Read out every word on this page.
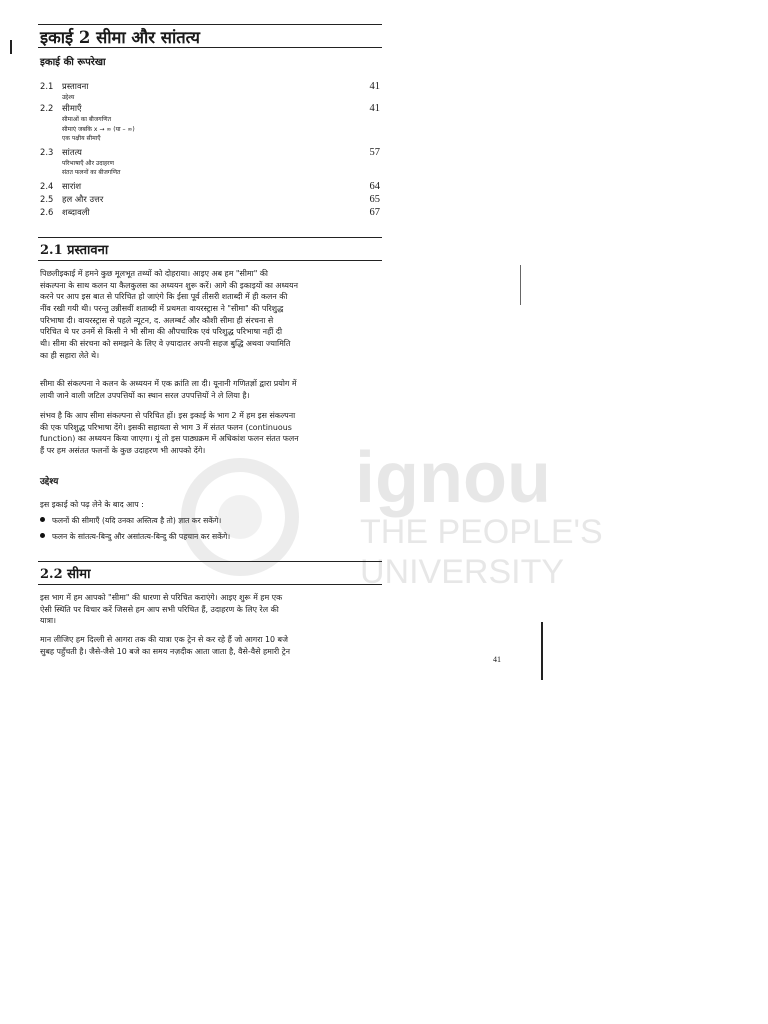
ignou
THE PEOPLE'S
UNIVERSITY
इकाई 2 सीमा और सांतत्य
इकाई की रूपरेखा
2.1	प्रस्तावना	41
उद्देश्य
2.2	सीमाएँ	41
सीमाओं का बीजगणित
सीमाएं जबकि x → ∞ (या – ∞)
एक पक्षीय सीमाएँ
2.3	सांतत्य	57
परिभाषाएँ और उदाहरण
संतत फलनों का बीजगणित
2.4	सारांश	64
2.5	हल और उत्तर	65
2.6	शब्दावली	67
2.1 प्रस्तावना
पिछलीइकाई में हमने कुछ मूलभूत तथ्यों को दोहराया। आइए अब हम "सीमा" की
संकल्पना के साथ कलन या कैलकुलस का अध्ययन शुरू करें। आगे की इकाइयों का अध्ययन
करने पर आप इस बात से परिचित हो जाएंगे कि ईसा पूर्व तीसरी शताब्दी में ही कलन की
नींव रखी गयी थी। परन्तु उन्नीसवीं शताब्दी में प्रथमतः वायरस्ट्रास ने "सीमा" की परिशुद्ध
परिभाषा दी। वायरस्ट्रास से पहले न्यूटन, द. अलम्बर्ट और कौशी सीमा ही संरचना से
परिचित थे पर उनमें से किसी ने भी सीमा की औपचारिक एवं परिशुद्ध परिभाषा नहीं दी
थी। सीमा की संरचना को समझने के लिए वे ज़्यादातर अपनी सहज बुद्धि अथवा ज्यामिति
का ही सहारा लेते थे।
सीमा की संकल्पना ने कलन के अध्ययन में एक क्रांति ला दी। यूनानी गणितज्ञों द्वारा प्रयोग में
लायी जाने वाली जटिल उपपत्तियों का स्थान सरल उपपत्तियों ने ले लिया है।
संभव है कि आप सीमा संकल्पना से परिचित हों। इस इकाई के भाग 2 में हम इस संकल्पना
की एक परिशुद्ध परिभाषा देंगे। इसकी सहायता से भाग 3 में संतत फलन (continuous
function) का अध्ययन किया जाएगा। यूं तो इस पाठ्यक्रम में अधिकांश फलन संतत फलन
हैं पर हम असंतत फलनों के कुछ उदाहरण भी आपको देंगे।
उद्देश्य
इस इकाई को पढ़ लेने के बाद आप :
फलनों की सीमाएँ (यदि उनका अस्तित्व है तो) ज्ञात कर सकेंगे।
फलन के सांतत्य-बिन्दु और असांतत्य-बिन्दु की पहचान कर सकेंगे।
2.2 सीमा
इस भाग में हम आपको "सीमा" की धारणा से परिचित कराएंगे। आइए शुरू में हम एक
ऐसी स्थिति पर विचार करें जिससे हम आप सभी परिचित हैं, उदाहरण के लिए रेल की
यात्रा।
मान लीजिए हम दिल्ली से आगरा तक की यात्रा एक ट्रेन से कर रहे हैं जो आगरा 10 बजे
सुबह पहुँचती है। जैसे-जैसे 10 बजे का समय नज़दीक आता जाता है, वैसे-वैसे हमारी ट्रेन
41
